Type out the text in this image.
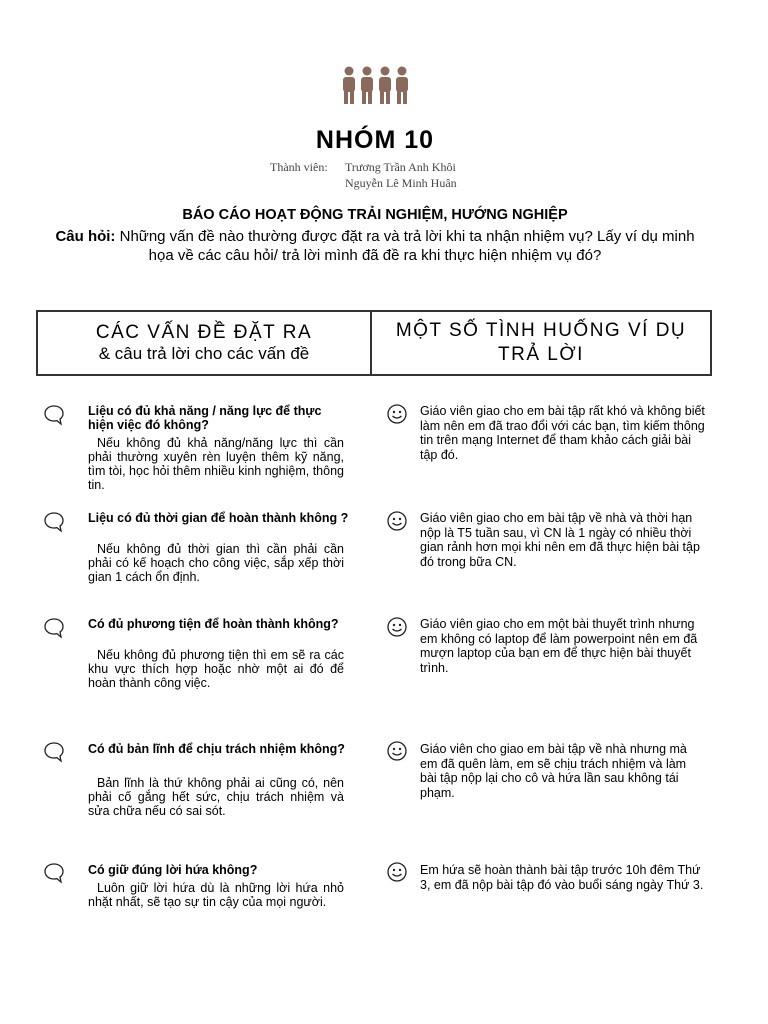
NHÓM 10
Thành viên: Trương Trần Anh Khôi
Nguyễn Lê Minh Huân
BÁO CÁO HOẠT ĐỘNG TRẢI NGHIỆM, HƯỚNG NGHIỆP
Câu hỏi: Những vấn đề nào thường được đặt ra và trả lời khi ta nhận nhiệm vụ? Lấy ví dụ minh họa về các câu hỏi/ trả lời mình đã đề ra khi thực hiện nhiệm vụ đó?
CÁC VẤN ĐỀ ĐẶT RA
& câu trả lời cho các vấn đề
MỘT SỐ TÌNH HUỐNG VÍ DỤ
TRẢ LỜI
Liệu có đủ khả năng / năng lực để thực hiện việc đó không?
Nếu không đủ khả năng/năng lực thì cần phải thường xuyên rèn luyện thêm kỹ năng, tìm tòi, học hỏi thêm nhiều kinh nghiệm, thông tin.
Giáo viên giao cho em bài tập rất khó và không biết làm nên em đã trao đổi với các bạn, tìm kiếm thông tin trên mạng Internet để tham khảo cách giải bài tập đó.
Liệu có đủ thời gian để hoàn thành không ?
Nếu không đủ thời gian thì cần phải cần phải có kế hoạch cho công việc, sắp xếp thời gian 1 cách ổn định.
Giáo viên giao cho em bài tập về nhà và thời hạn nộp là T5 tuần sau, vì CN là 1 ngày có nhiều thời gian rảnh hơn mọi khi nên em đã thực hiện bài tập đó trong bữa CN.
Có đủ phương tiện để hoàn thành không?
Nếu không đủ phương tiện thì em sẽ ra các khu vực thích hợp hoặc nhờ một ai đó để hoàn thành công việc.
Giáo viên giao cho em một bài thuyết trình nhưng em không có laptop để làm powerpoint nên em đã mượn laptop của bạn em để thực hiện bài thuyết trình.
Có đủ bản lĩnh để chịu trách nhiệm không?
Bản lĩnh là thứ không phải ai cũng có, nên phải cố gắng hết sức, chịu trách nhiệm và sửa chữa nếu có sai sót.
Giáo viên cho giao em bài tập về nhà nhưng mà em đã quên làm, em sẽ chịu trách nhiệm và làm bài tập nộp lại cho cô và hứa lần sau không tái phạm.
Có giữ đúng lời hứa không?
Luôn giữ lời hứa dù là những lời hứa nhỏ nhặt nhất, sẽ tạo sự tin cậy của mọi người.
Em hứa sẽ hoàn thành bài tập trước 10h đêm Thứ 3, em đã nộp bài tập đó vào buổi sáng ngày Thứ 3.
